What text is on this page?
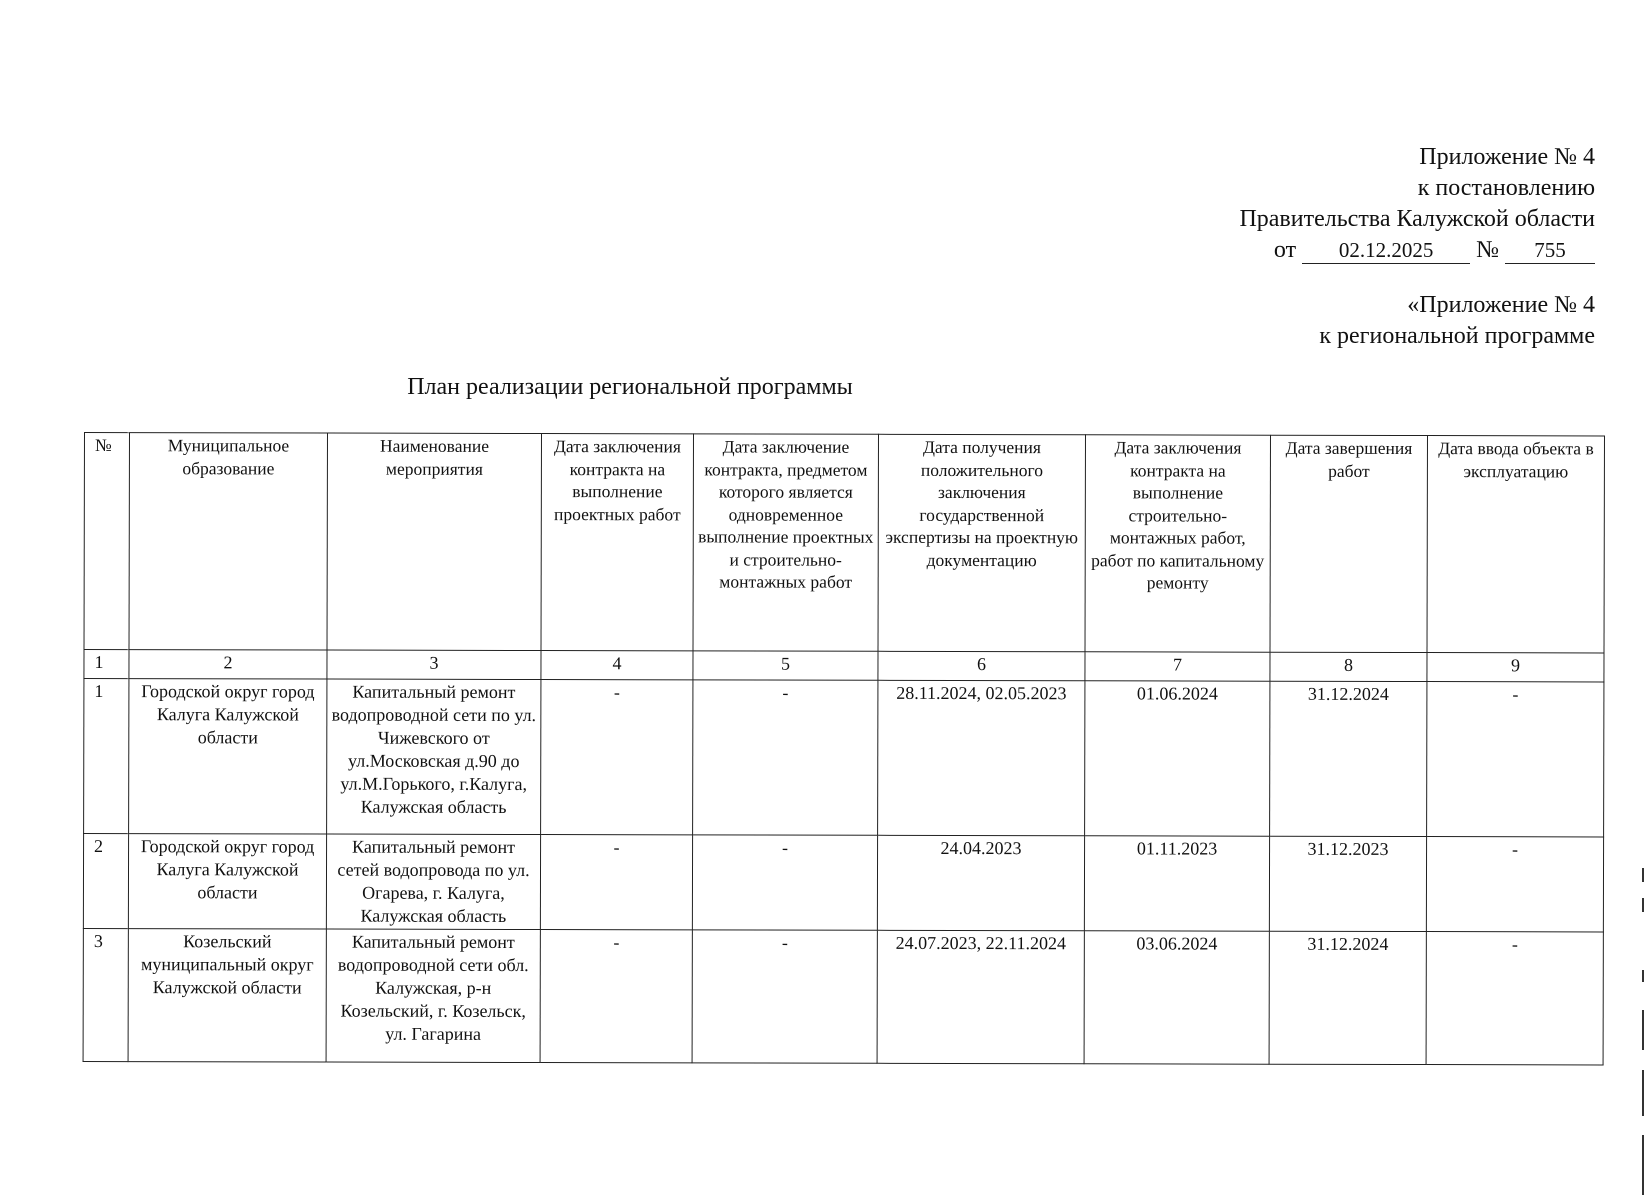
Приложение № 4
к постановлению
Правительства Калужской области
от 02.12.2025 № 755
«Приложение № 4
к региональной программе
План реализации региональной программы
№	Муниципальное образование	Наименование мероприятия	Дата заключения контракта на выполнение проектных работ	Дата заключение контракта, предметом которого является одновременное выполнение проектных и строительно-монтажных работ	Дата получения положительного заключения государственной экспертизы на проектную документацию	Дата заключения контракта на выполнение строительно-монтажных работ, работ по капитальному ремонту	Дата завершения работ	Дата ввода объекта в эксплуатацию
1	2	3	4	5	6	7	8	9
1	Городской округ город Калуга Калужской области	Капитальный ремонт водопроводной сети по ул. Чижевского от ул.Московская д.90 до ул.М.Горького, г.Калуга, Калужская область	-	-	28.11.2024, 02.05.2023	01.06.2024	31.12.2024	-
2	Городской округ город Калуга Калужской области	Капитальный ремонт сетей водопровода по ул. Огарева, г. Калуга, Калужская область	-	-	24.04.2023	01.11.2023	31.12.2023	-
3	Козельский муниципальный округ Калужской области	Капитальный ремонт водопроводной сети обл. Калужская, р-н Козельский, г. Козельск, ул. Гагарина	-	-	24.07.2023, 22.11.2024	03.06.2024	31.12.2024	-
